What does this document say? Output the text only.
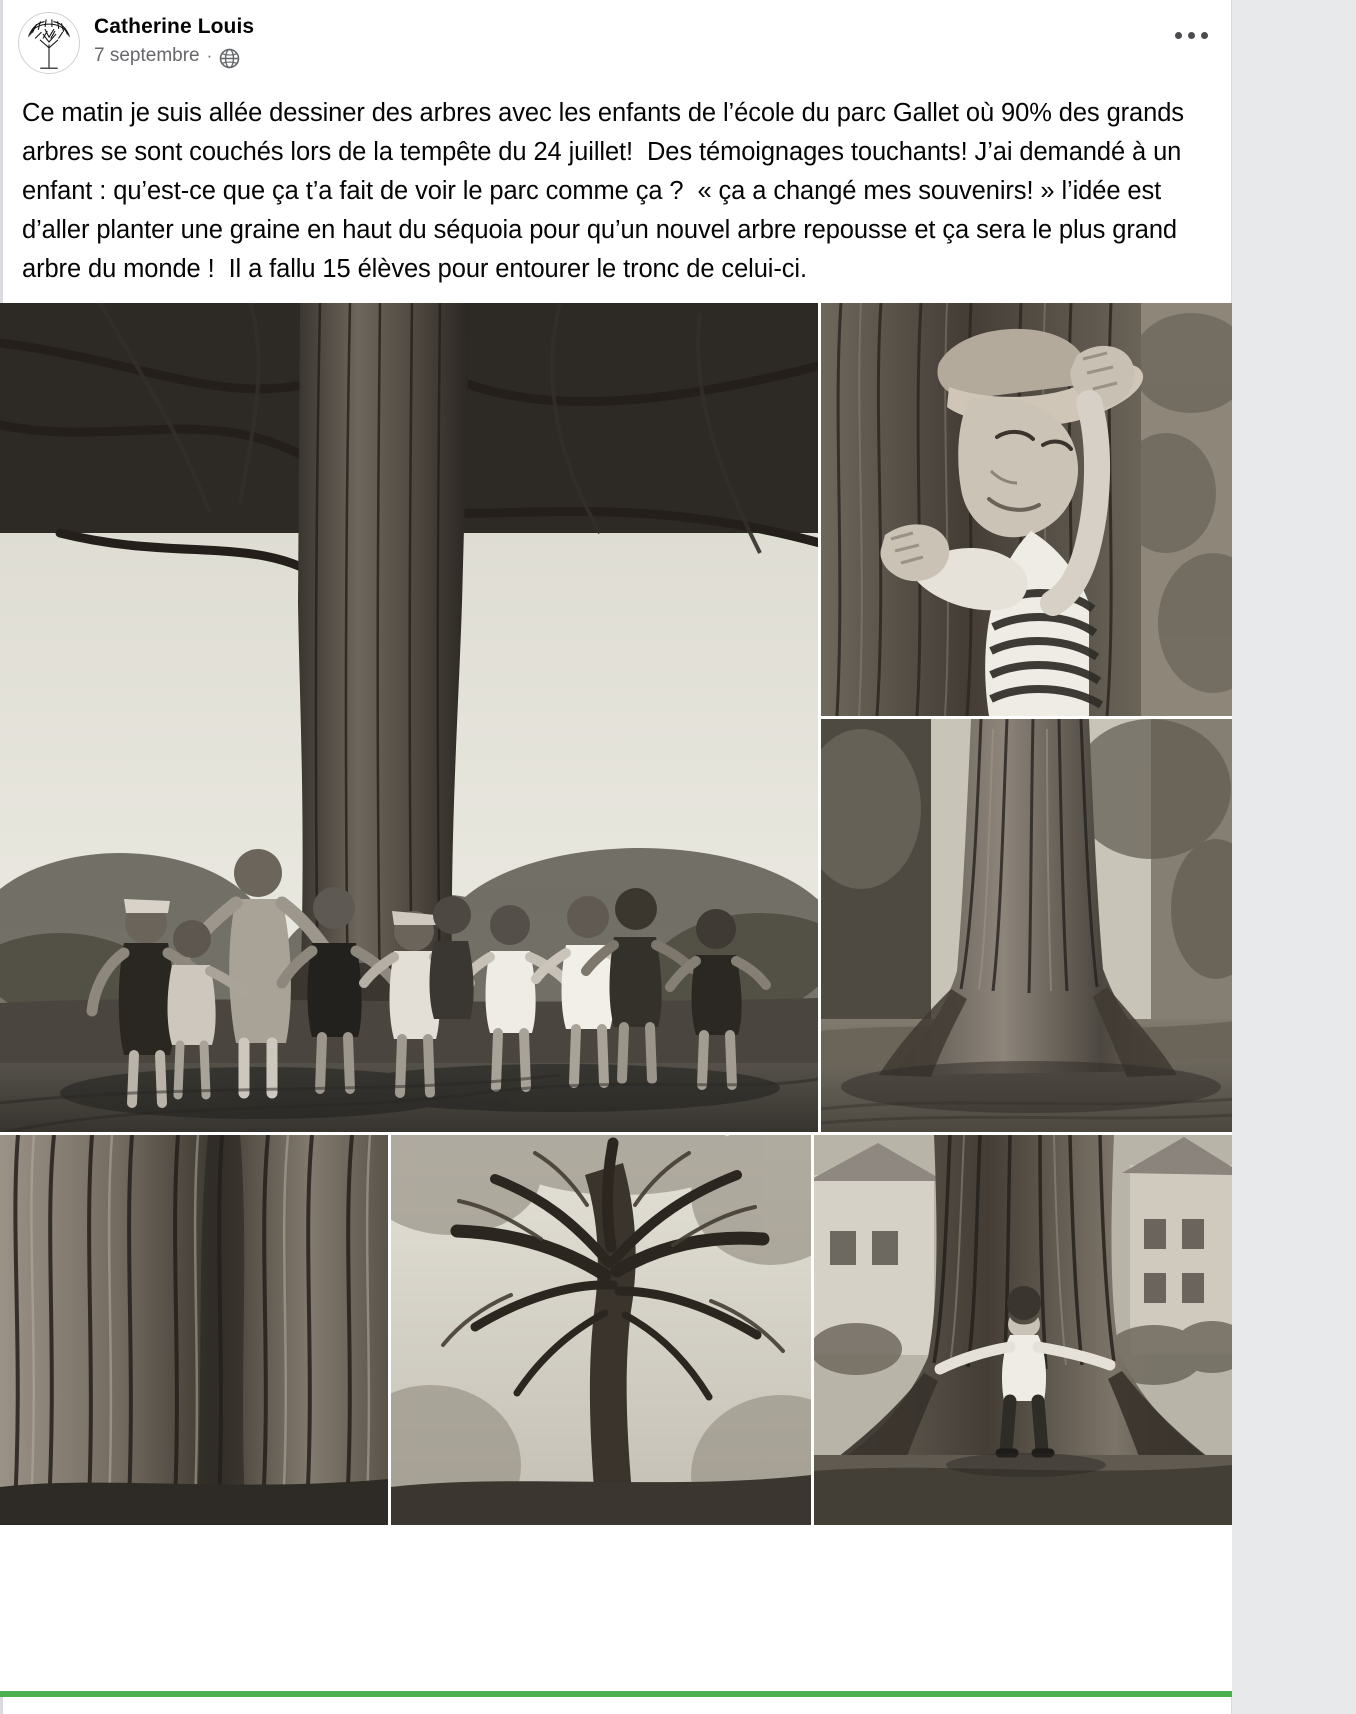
Catherine Louis
7 septembre ·
Ce matin je suis allée dessiner des arbres avec les enfants de l’école du parc Gallet où 90% des grands arbres se sont couchés lors de la tempête du 24 juillet!  Des témoignages touchants! J’ai demandé à un enfant : qu’est-ce que ça t’a fait de voir le parc comme ça ?  « ça a changé mes souvenirs! » l’idée est d’aller planter une graine en haut du séquoia pour qu’un nouvel arbre repousse et ça sera le plus grand arbre du monde !  Il a fallu 15 élèves pour entourer le tronc de celui-ci.
